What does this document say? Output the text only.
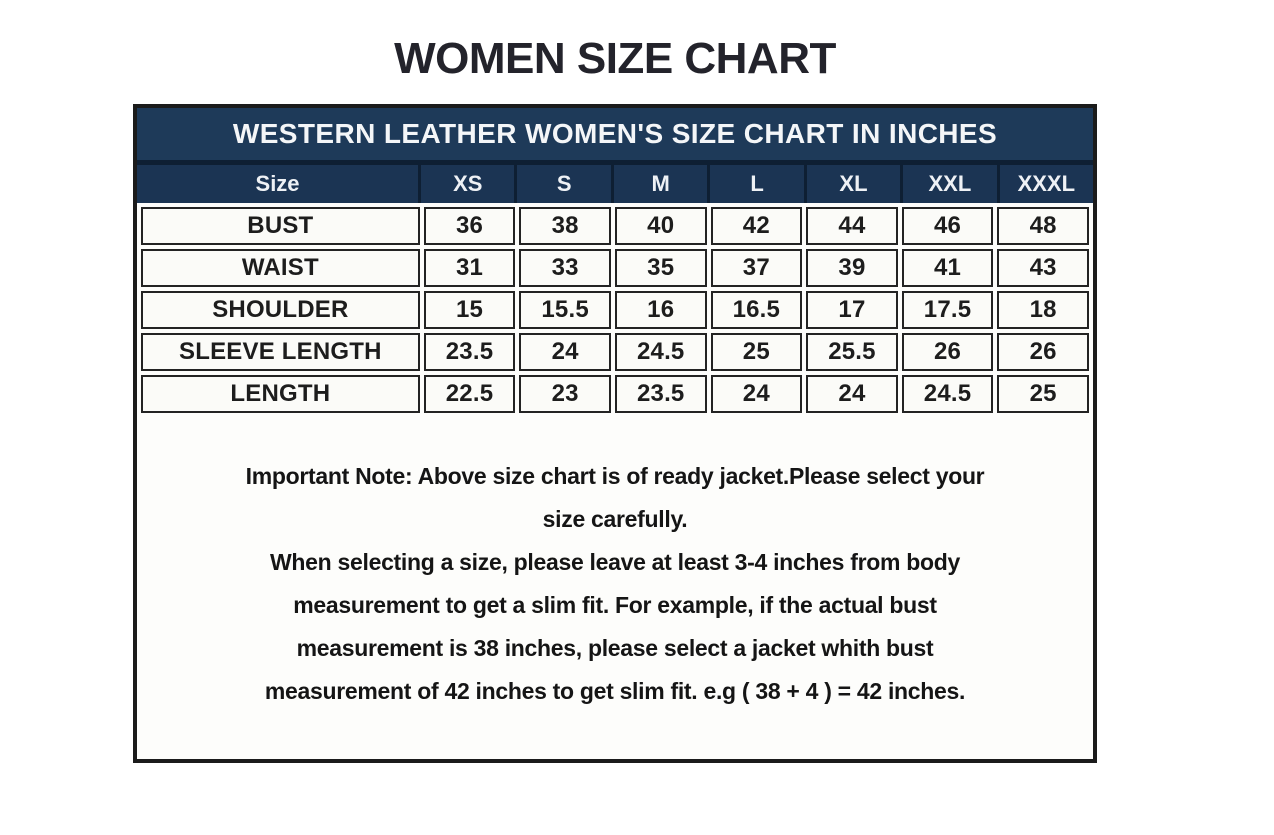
WOMEN SIZE CHART
WESTERN LEATHER WOMEN'S SIZE CHART IN INCHES
Size	XS	S	M	L	XL	XXL	XXXL
BUST	36	38	40	42	44	46	48
WAIST	31	33	35	37	39	41	43
SHOULDER	15	15.5	16	16.5	17	17.5	18
SLEEVE LENGTH	23.5	24	24.5	25	25.5	26	26
LENGTH	22.5	23	23.5	24	24	24.5	25
Important Note: Above size chart is of ready jacket.Please select your
size carefully.
When selecting a size, please leave at least 3-4 inches from body
measurement to get a slim fit. For example, if the actual bust
measurement is 38 inches, please select a jacket whith bust
measurement of 42 inches to get slim fit. e.g ( 38 + 4 ) = 42 inches.
